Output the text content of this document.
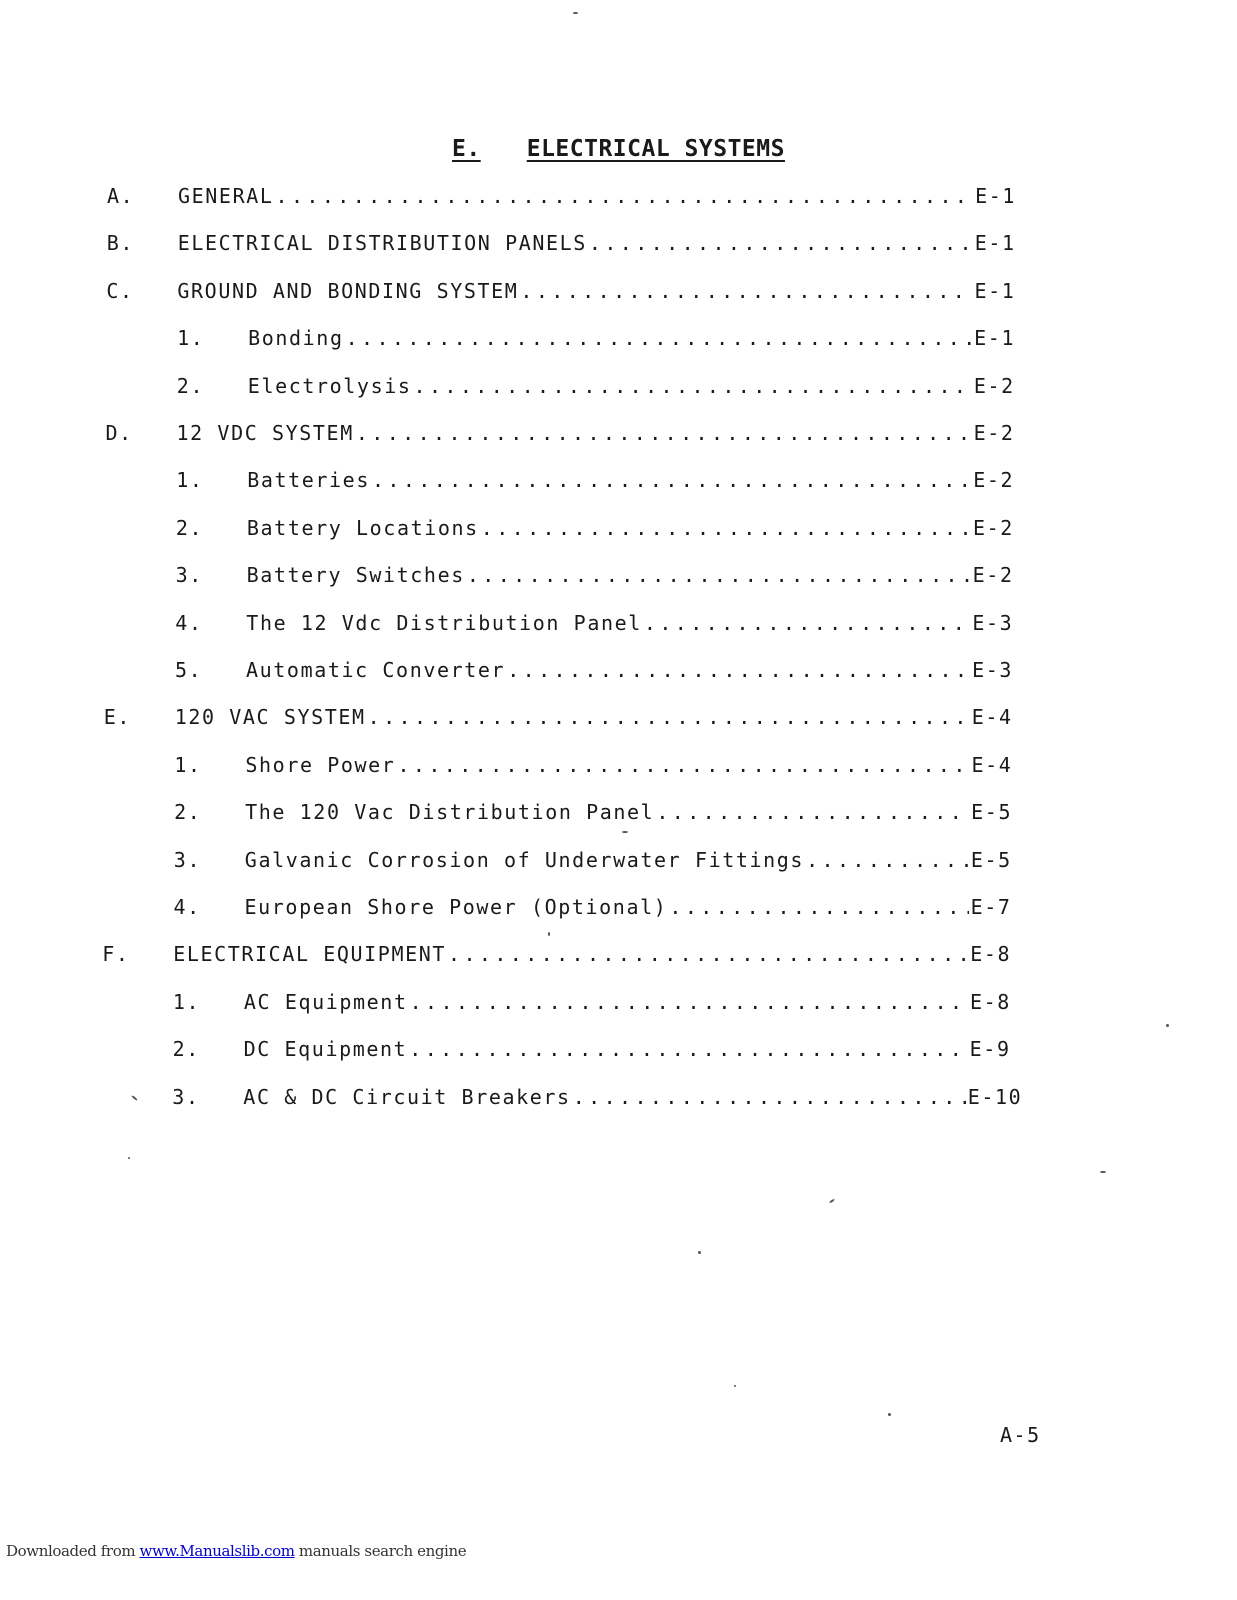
E. ELECTRICAL SYSTEMS
A. GENERAL .....	E-1
B. ELECTRICAL DISTRIBUTION PANELS .....	E-1
C. GROUND AND BONDING SYSTEM .....	E-1
1. Bonding .....	E-1
2. Electrolysis .....	E-2
D. 12 VDC SYSTEM .....	E-2
1. Batteries .....	E-2
2. Battery Locations .....	E-2
3. Battery Switches .....	E-2
4. The 12 Vdc Distribution Panel .....	E-3
5. Automatic Converter .....	E-3
E. 120 VAC SYSTEM .....	E-4
1. Shore Power .....	E-4
2. The 120 Vac Distribution Panel .....	E-5
3. Galvanic Corrosion of Underwater Fittings .....	E-5
4. European Shore Power (Optional) .....	E-7
F. ELECTRICAL EQUIPMENT .....	E-8
1. AC Equipment .....	E-8
2. DC Equipment .....	E-9
3. AC & DC Circuit Breakers .....	E-10
A-5
Downloaded from www.Manualslib.com manuals search engine
